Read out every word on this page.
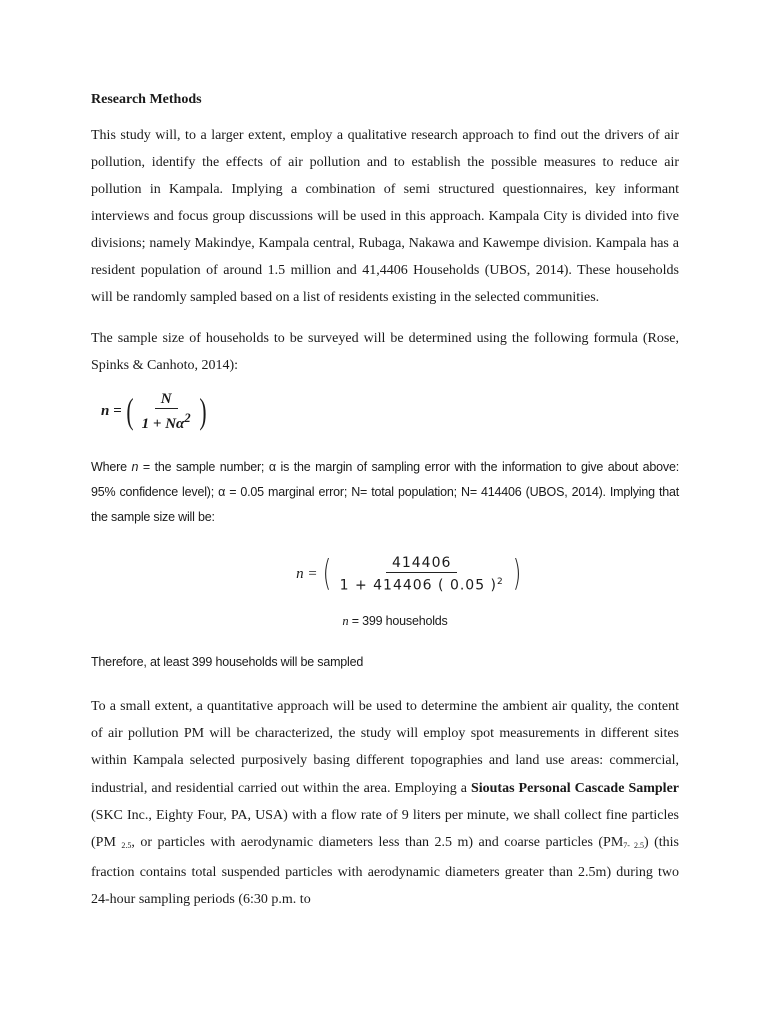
Research Methods

This study will, to a larger extent, employ a qualitative research approach to find out the drivers of air pollution, identify the effects of air pollution and to establish the possible measures to reduce air pollution in Kampala. Implying a combination of semi structured questionnaires, key informant interviews and focus group discussions will be used in this approach. Kampala City is divided into five divisions; namely Makindye, Kampala central, Rubaga, Nakawa and Kawempe division. Kampala has a resident population of around 1.5 million and 41,4406 Households (UBOS, 2014). These households will be randomly sampled based on a list of residents existing in the selected communities.

The sample size of households to be surveyed will be determined using the following formula (Rose, Spinks & Canhoto, 2014):

n = ( $\frac{N}{1 + N\alpha^2}$ )

Where n = the sample number; α is the margin of sampling error with the information to give about above: 95% confidence level); α = 0.05 marginal error; N= total population; N= 414406 (UBOS, 2014). Implying that the sample size will be:

n = ( $\frac{414406}{1 + 414406 ( 0.05 )^2}$ )
n = 399 households
Therefore, at least 399 households will be sampled

To a small extent, a quantitative approach will be used to determine the ambient air quality, the content of air pollution PM will be characterized, the study will employ spot measurements in different sites within Kampala selected purposively basing different topographies and land use areas: commercial, industrial, and residential carried out within the area. Employing a Sioutas Personal Cascade Sampler (SKC Inc., Eighty Four, PA, USA) with a flow rate of 9 liters per minute, we shall collect fine particles (PM $_{2.5}$, or particles with aerodynamic diameters less than 2.5 m) and coarse particles $(PM_{7- 2.5})$ (this fraction contains total suspended particles with aerodynamic diameters greater than 2.5m) during two 24-hour sampling periods (6:30 p.m. to
